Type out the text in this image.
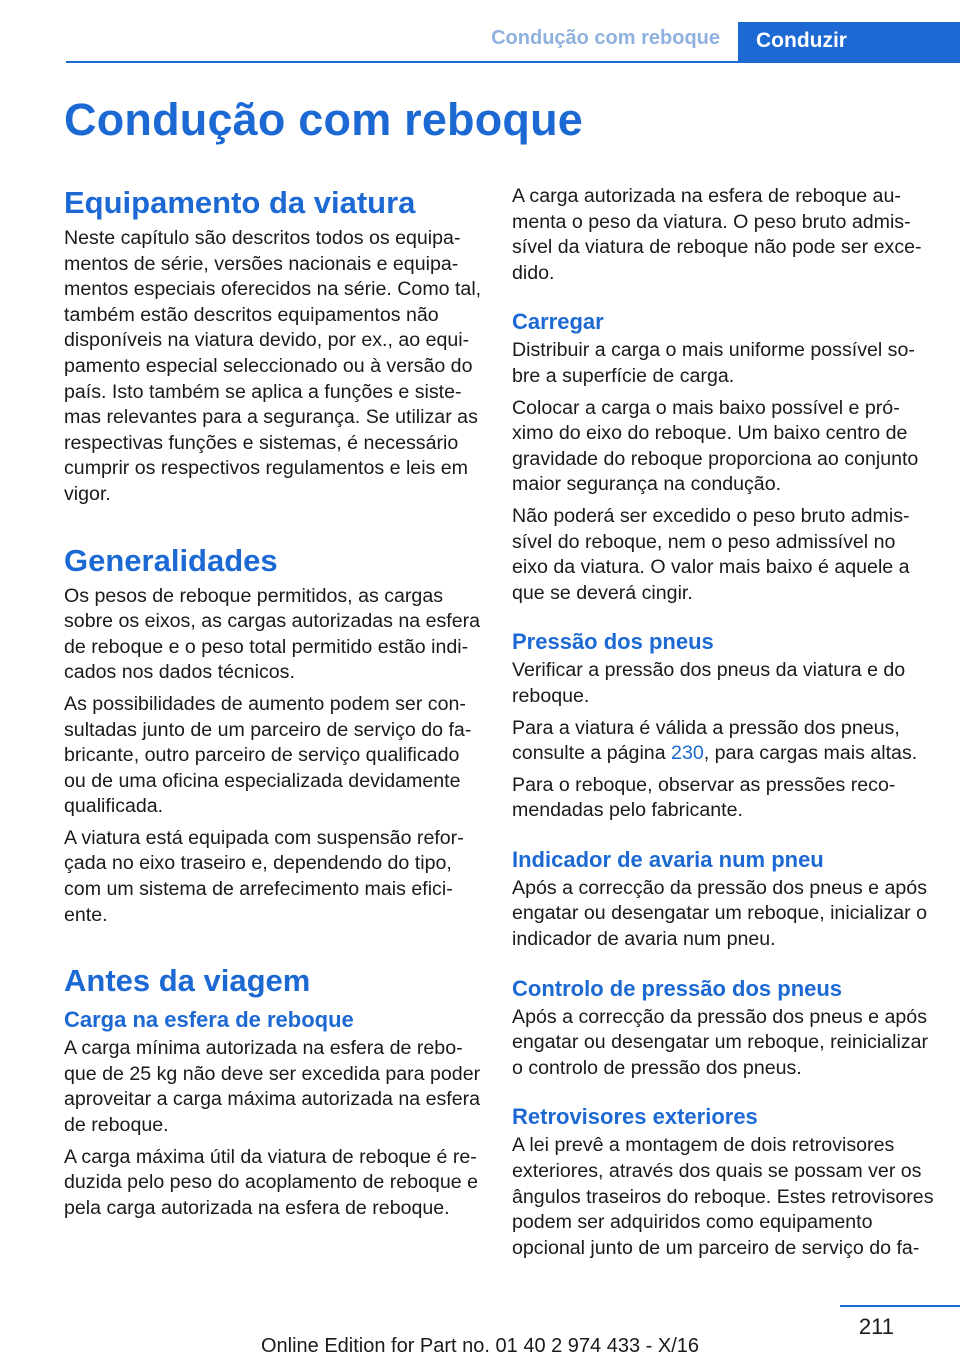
Condução com reboque	Conduzir
Condução com reboque
Equipamento da viatura

Neste capítulo são descritos todos os equipamentos de série, versões nacionais e equipamentos especiais oferecidos na série. Como tal, também estão descritos equipamentos não disponíveis na viatura devido, por ex., ao equipamento especial seleccionado ou à versão do país. Isto também se aplica a funções e sistemas relevantes para a segurança. Se utilizar as respectivas funções e sistemas, é necessário cumprir os respectivos regulamentos e leis em vigor.

Generalidades

Os pesos de reboque permitidos, as cargas sobre os eixos, as cargas autorizadas na esfera de reboque e o peso total permitido estão indicados nos dados técnicos.

As possibilidades de aumento podem ser consultadas junto de um parceiro de serviço do fabricante, outro parceiro de serviço qualificado ou de uma oficina especializada devidamente qualificada.

A viatura está equipada com suspensão reforçada no eixo traseiro e, dependendo do tipo, com um sistema de arrefecimento mais eficiente.

Antes da viagem
Carga na esfera de reboque

A carga mínima autorizada na esfera de reboque de 25 kg não deve ser excedida para poder aproveitar a carga máxima autorizada na esfera de reboque.

A carga máxima útil da viatura de reboque é reduzida pelo peso do acoplamento de reboque e pela carga autorizada na esfera de reboque.

A carga autorizada na esfera de reboque aumenta o peso da viatura. O peso bruto admissível da viatura de reboque não pode ser excedido.

Carregar

Distribuir a carga o mais uniforme possível sobre a superfície de carga.

Colocar a carga o mais baixo possível e próximo do eixo do reboque. Um baixo centro de gravidade do reboque proporciona ao conjunto maior segurança na condução.

Não poderá ser excedido o peso bruto admissível do reboque, nem o peso admissível no eixo da viatura. O valor mais baixo é aquele a que se deverá cingir.

Pressão dos pneus

Verificar a pressão dos pneus da viatura e do reboque.

Para a viatura é válida a pressão dos pneus, consulte a página 230, para cargas mais altas.

Para o reboque, observar as pressões recomendadas pelo fabricante.

Indicador de avaria num pneu

Após a correcção da pressão dos pneus e após engatar ou desengatar um reboque, inicializar o indicador de avaria num pneu.

Controlo de pressão dos pneus

Após a correcção da pressão dos pneus e após engatar ou desengatar um reboque, reinicializar o controlo de pressão dos pneus.

Retrovisores exteriores

A lei prevê a montagem de dois retrovisores exteriores, através dos quais se possam ver os ângulos traseiros do reboque. Estes retrovisores podem ser adquiridos como equipamento opcional junto de um parceiro de serviço do fa-

211
Online Edition for Part no. 01 40 2 974 433 - X/16
